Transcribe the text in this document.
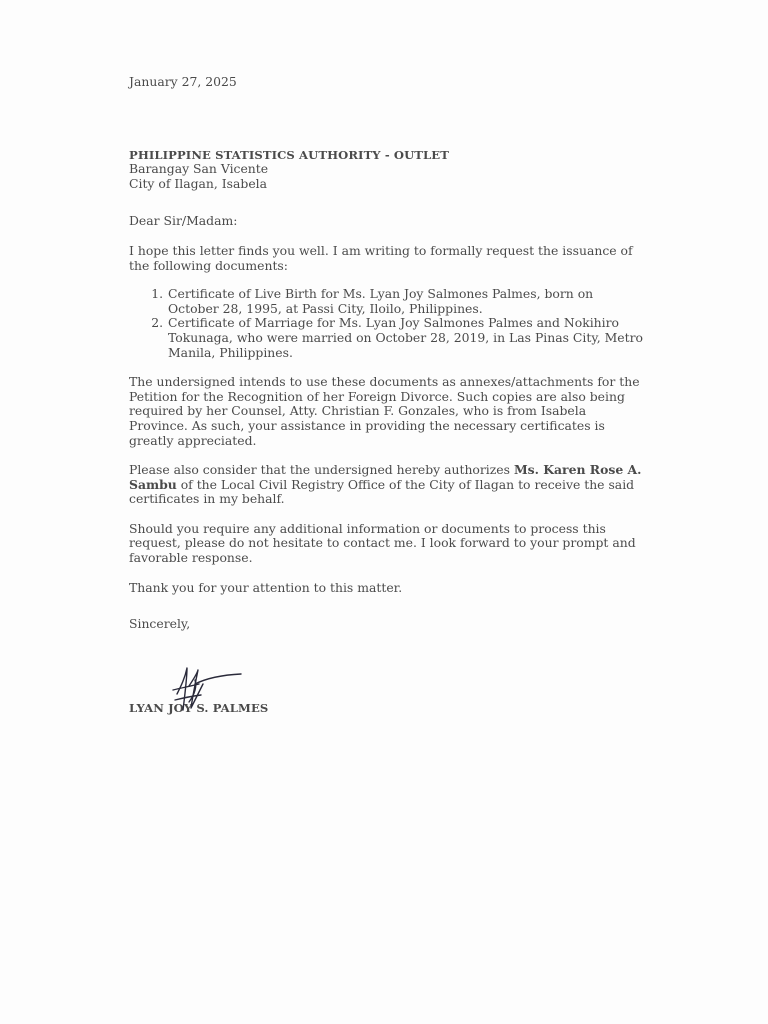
January 27, 2025
PHILIPPINE STATISTICS AUTHORITY - OUTLET
Barangay San Vicente
City of Ilagan, Isabela
Dear Sir/Madam:

I hope this letter finds you well. I am writing to formally request the issuance of the following documents:

1. Certificate of Live Birth for Ms. Lyan Joy Salmones Palmes, born on October 28, 1995, at Passi City, Iloilo, Philippines.
2. Certificate of Marriage for Ms. Lyan Joy Salmones Palmes and Nokihiro Tokunaga, who were married on October 28, 2019, in Las Pinas City, Metro Manila, Philippines.

The undersigned intends to use these documents as annexes/attachments for the Petition for the Recognition of her Foreign Divorce. Such copies are also being required by her Counsel, Atty. Christian F. Gonzales, who is from Isabela Province. As such, your assistance in providing the necessary certificates is greatly appreciated.

Please also consider that the undersigned hereby authorizes Ms. Karen Rose A. Sambu of the Local Civil Registry Office of the City of Ilagan to receive the said certificates in my behalf.

Should you require any additional information or documents to process this request, please do not hesitate to contact me. I look forward to your prompt and favorable response.

Thank you for your attention to this matter.

Sincerely,
LYAN JOY S. PALMES
